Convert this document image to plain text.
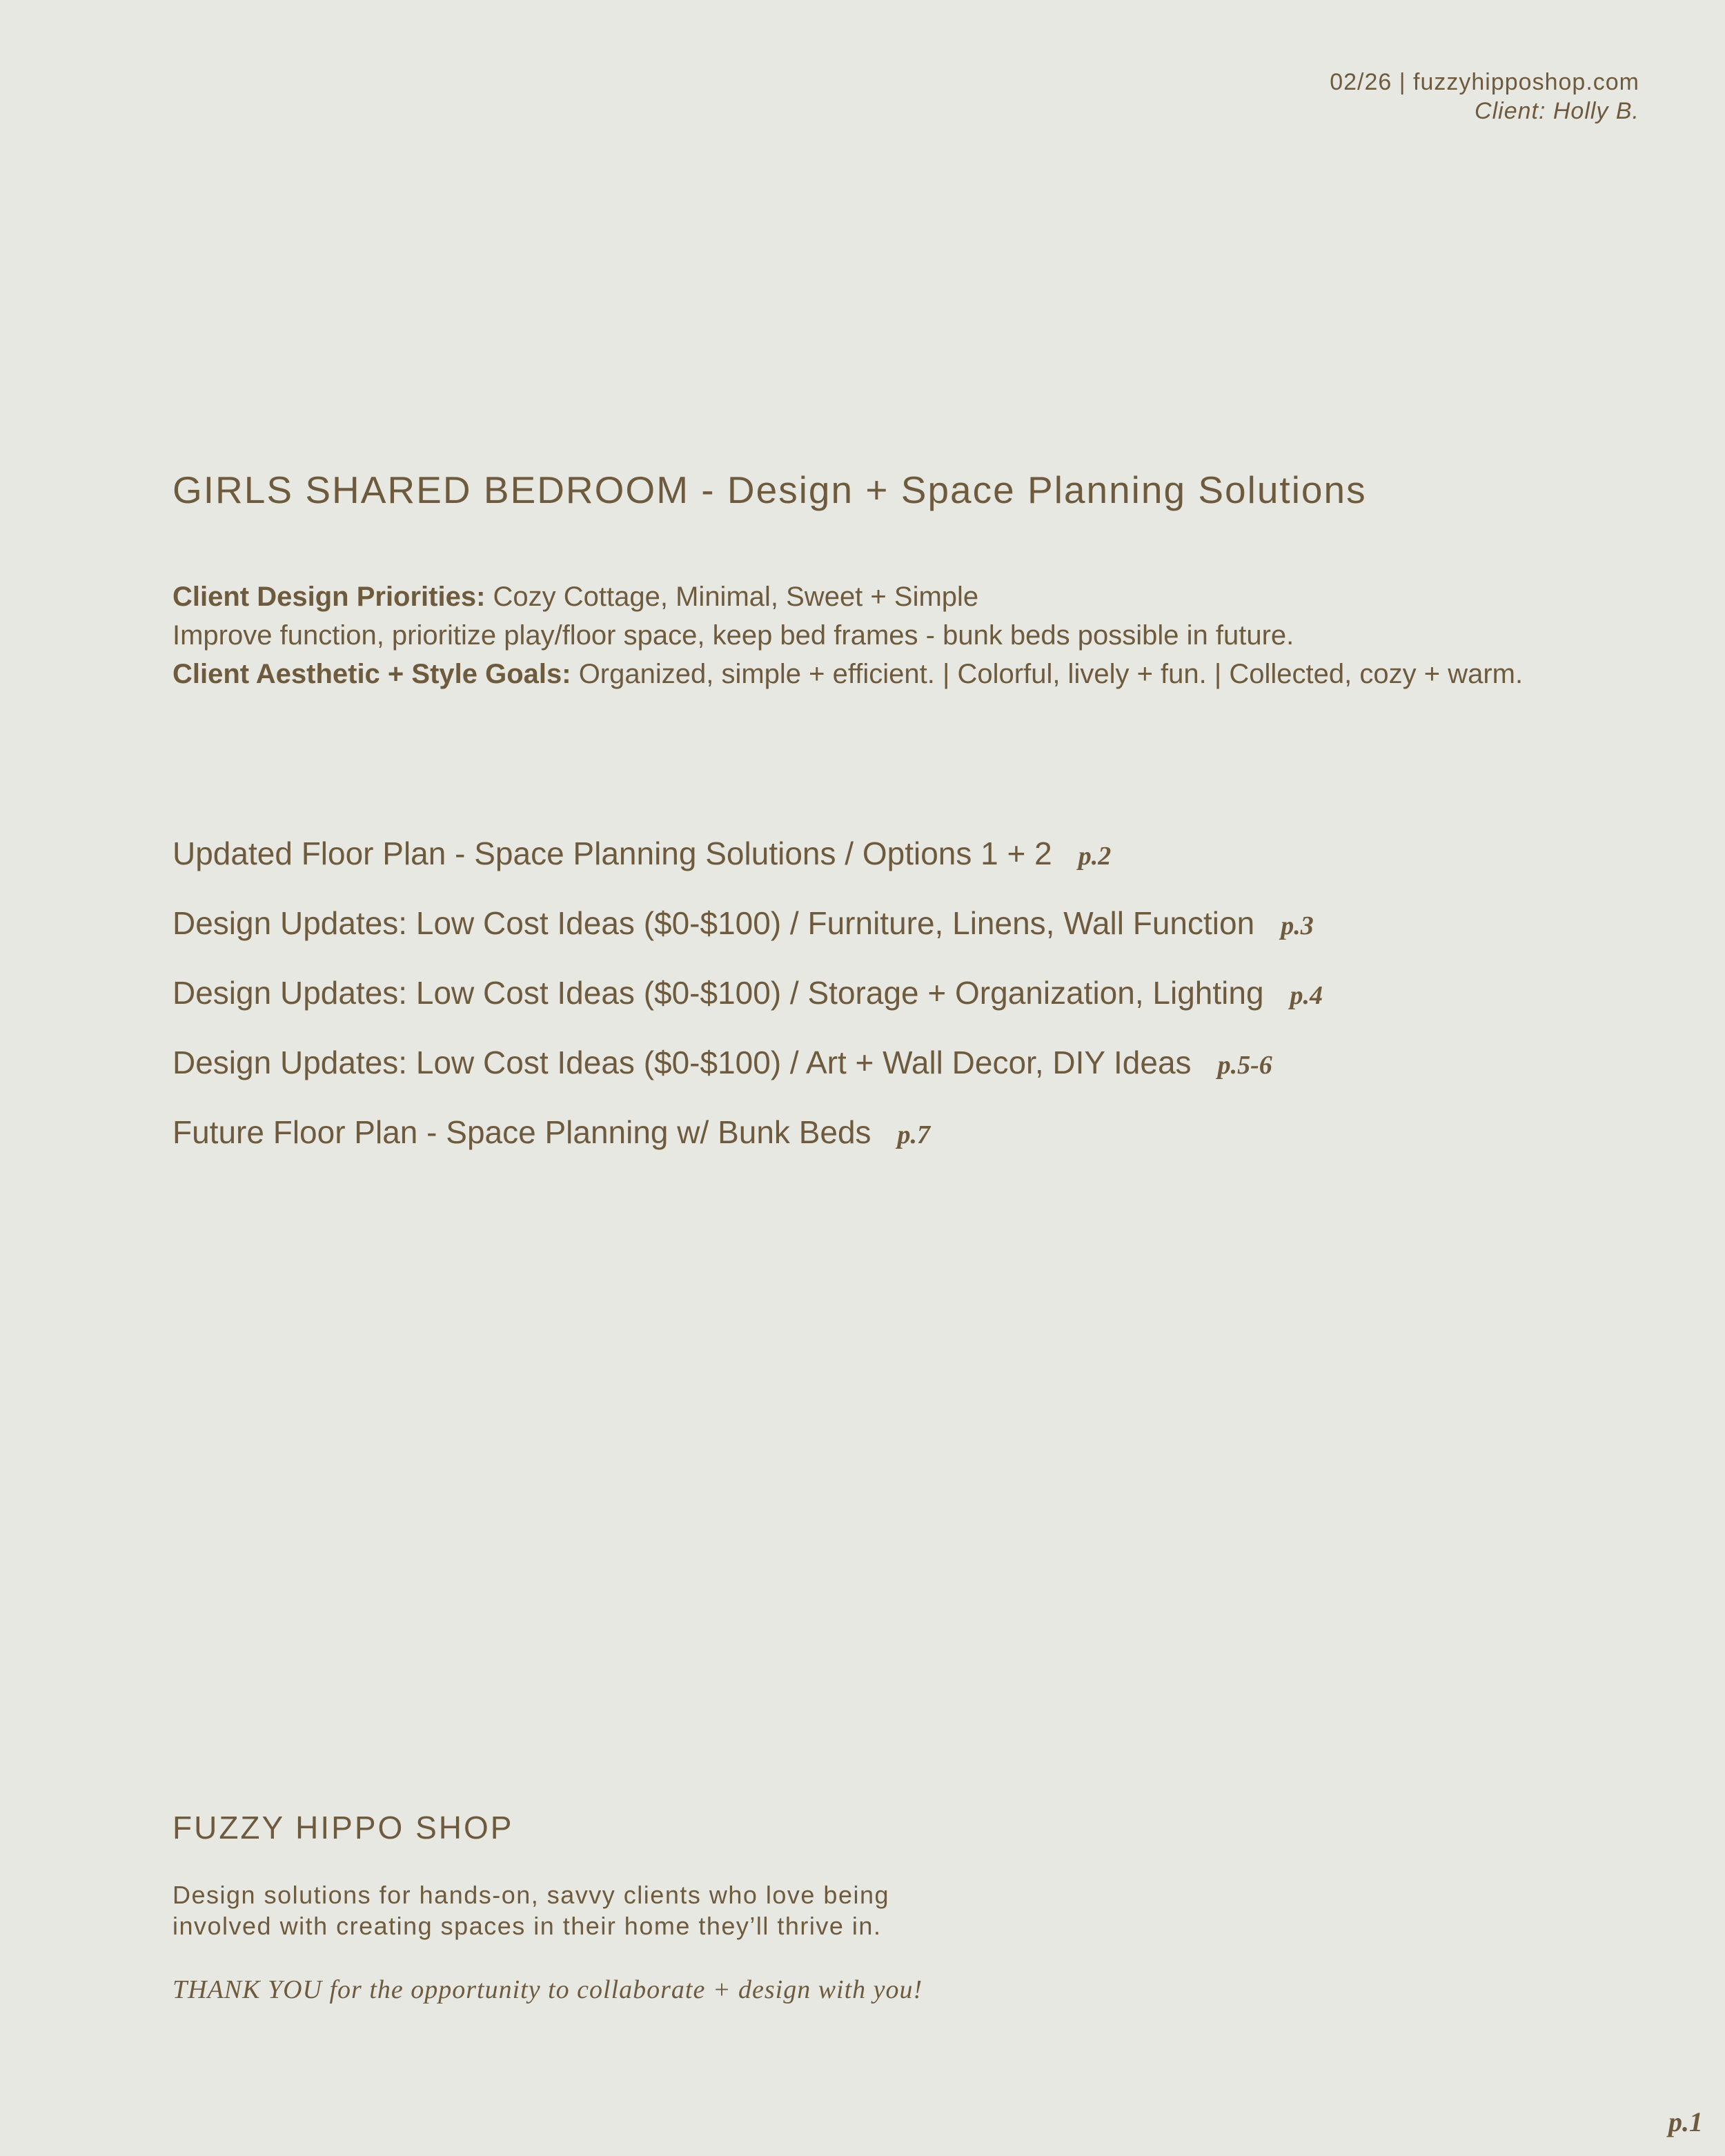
02/26 | fuzzyhipposhop.com
Client: Holly B.
GIRLS SHARED BEDROOM - Design + Space Planning Solutions
Client Design Priorities: Cozy Cottage, Minimal, Sweet + Simple
Improve function, prioritize play/floor space, keep bed frames - bunk beds possible in future.
Client Aesthetic + Style Goals: Organized, simple + efficient. | Colorful, lively + fun. | Collected, cozy + warm.
Updated Floor Plan - Space Planning Solutions / Options 1 + 2 p.2
Design Updates: Low Cost Ideas ($0-$100) / Furniture, Linens, Wall Function p.3
Design Updates: Low Cost Ideas ($0-$100) / Storage + Organization, Lighting p.4
Design Updates: Low Cost Ideas ($0-$100) / Art + Wall Decor, DIY Ideas p.5-6
Future Floor Plan - Space Planning w/ Bunk Beds p.7
FUZZY HIPPO SHOP
Design solutions for hands-on, savvy clients who love being
involved with creating spaces in their home they’ll thrive in.
THANK YOU for the opportunity to collaborate + design with you!
p.1
